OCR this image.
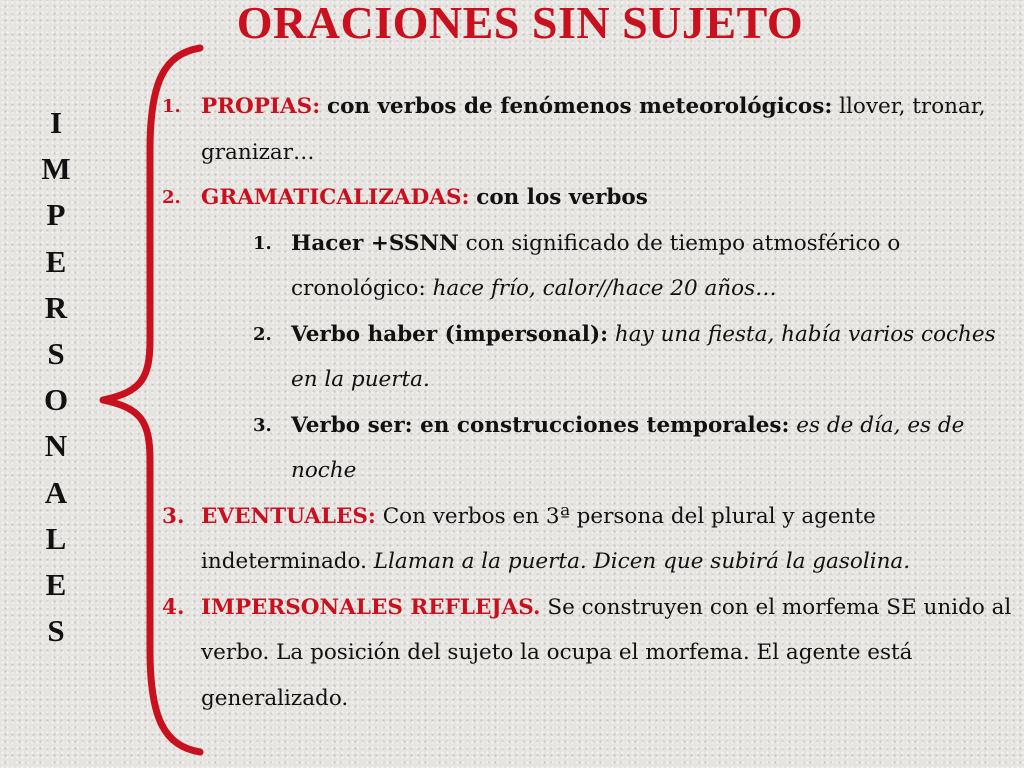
ORACIONES SIN SUJETO
I
M
P
E
R
S
O
N
A
L
E
S
1. PROPIAS: con verbos de fenómenos meteorológicos: llover, tronar, granizar…
2. GRAMATICALIZADAS: con los verbos
1. Hacer +SSNN con significado de tiempo atmosférico o cronológico: hace frío, calor//hace 20 años…
2. Verbo haber (impersonal): hay una fiesta, había varios coches en la puerta.
3. Verbo ser: en construcciones temporales: es de día, es de noche
3. EVENTUALES: Con verbos en 3ª persona del plural y agente indeterminado. Llaman a la puerta. Dicen que subirá la gasolina.
4. IMPERSONALES REFLEJAS. Se construyen con el morfema SE unido al verbo. La posición del sujeto la ocupa el morfema. El agente está generalizado.
